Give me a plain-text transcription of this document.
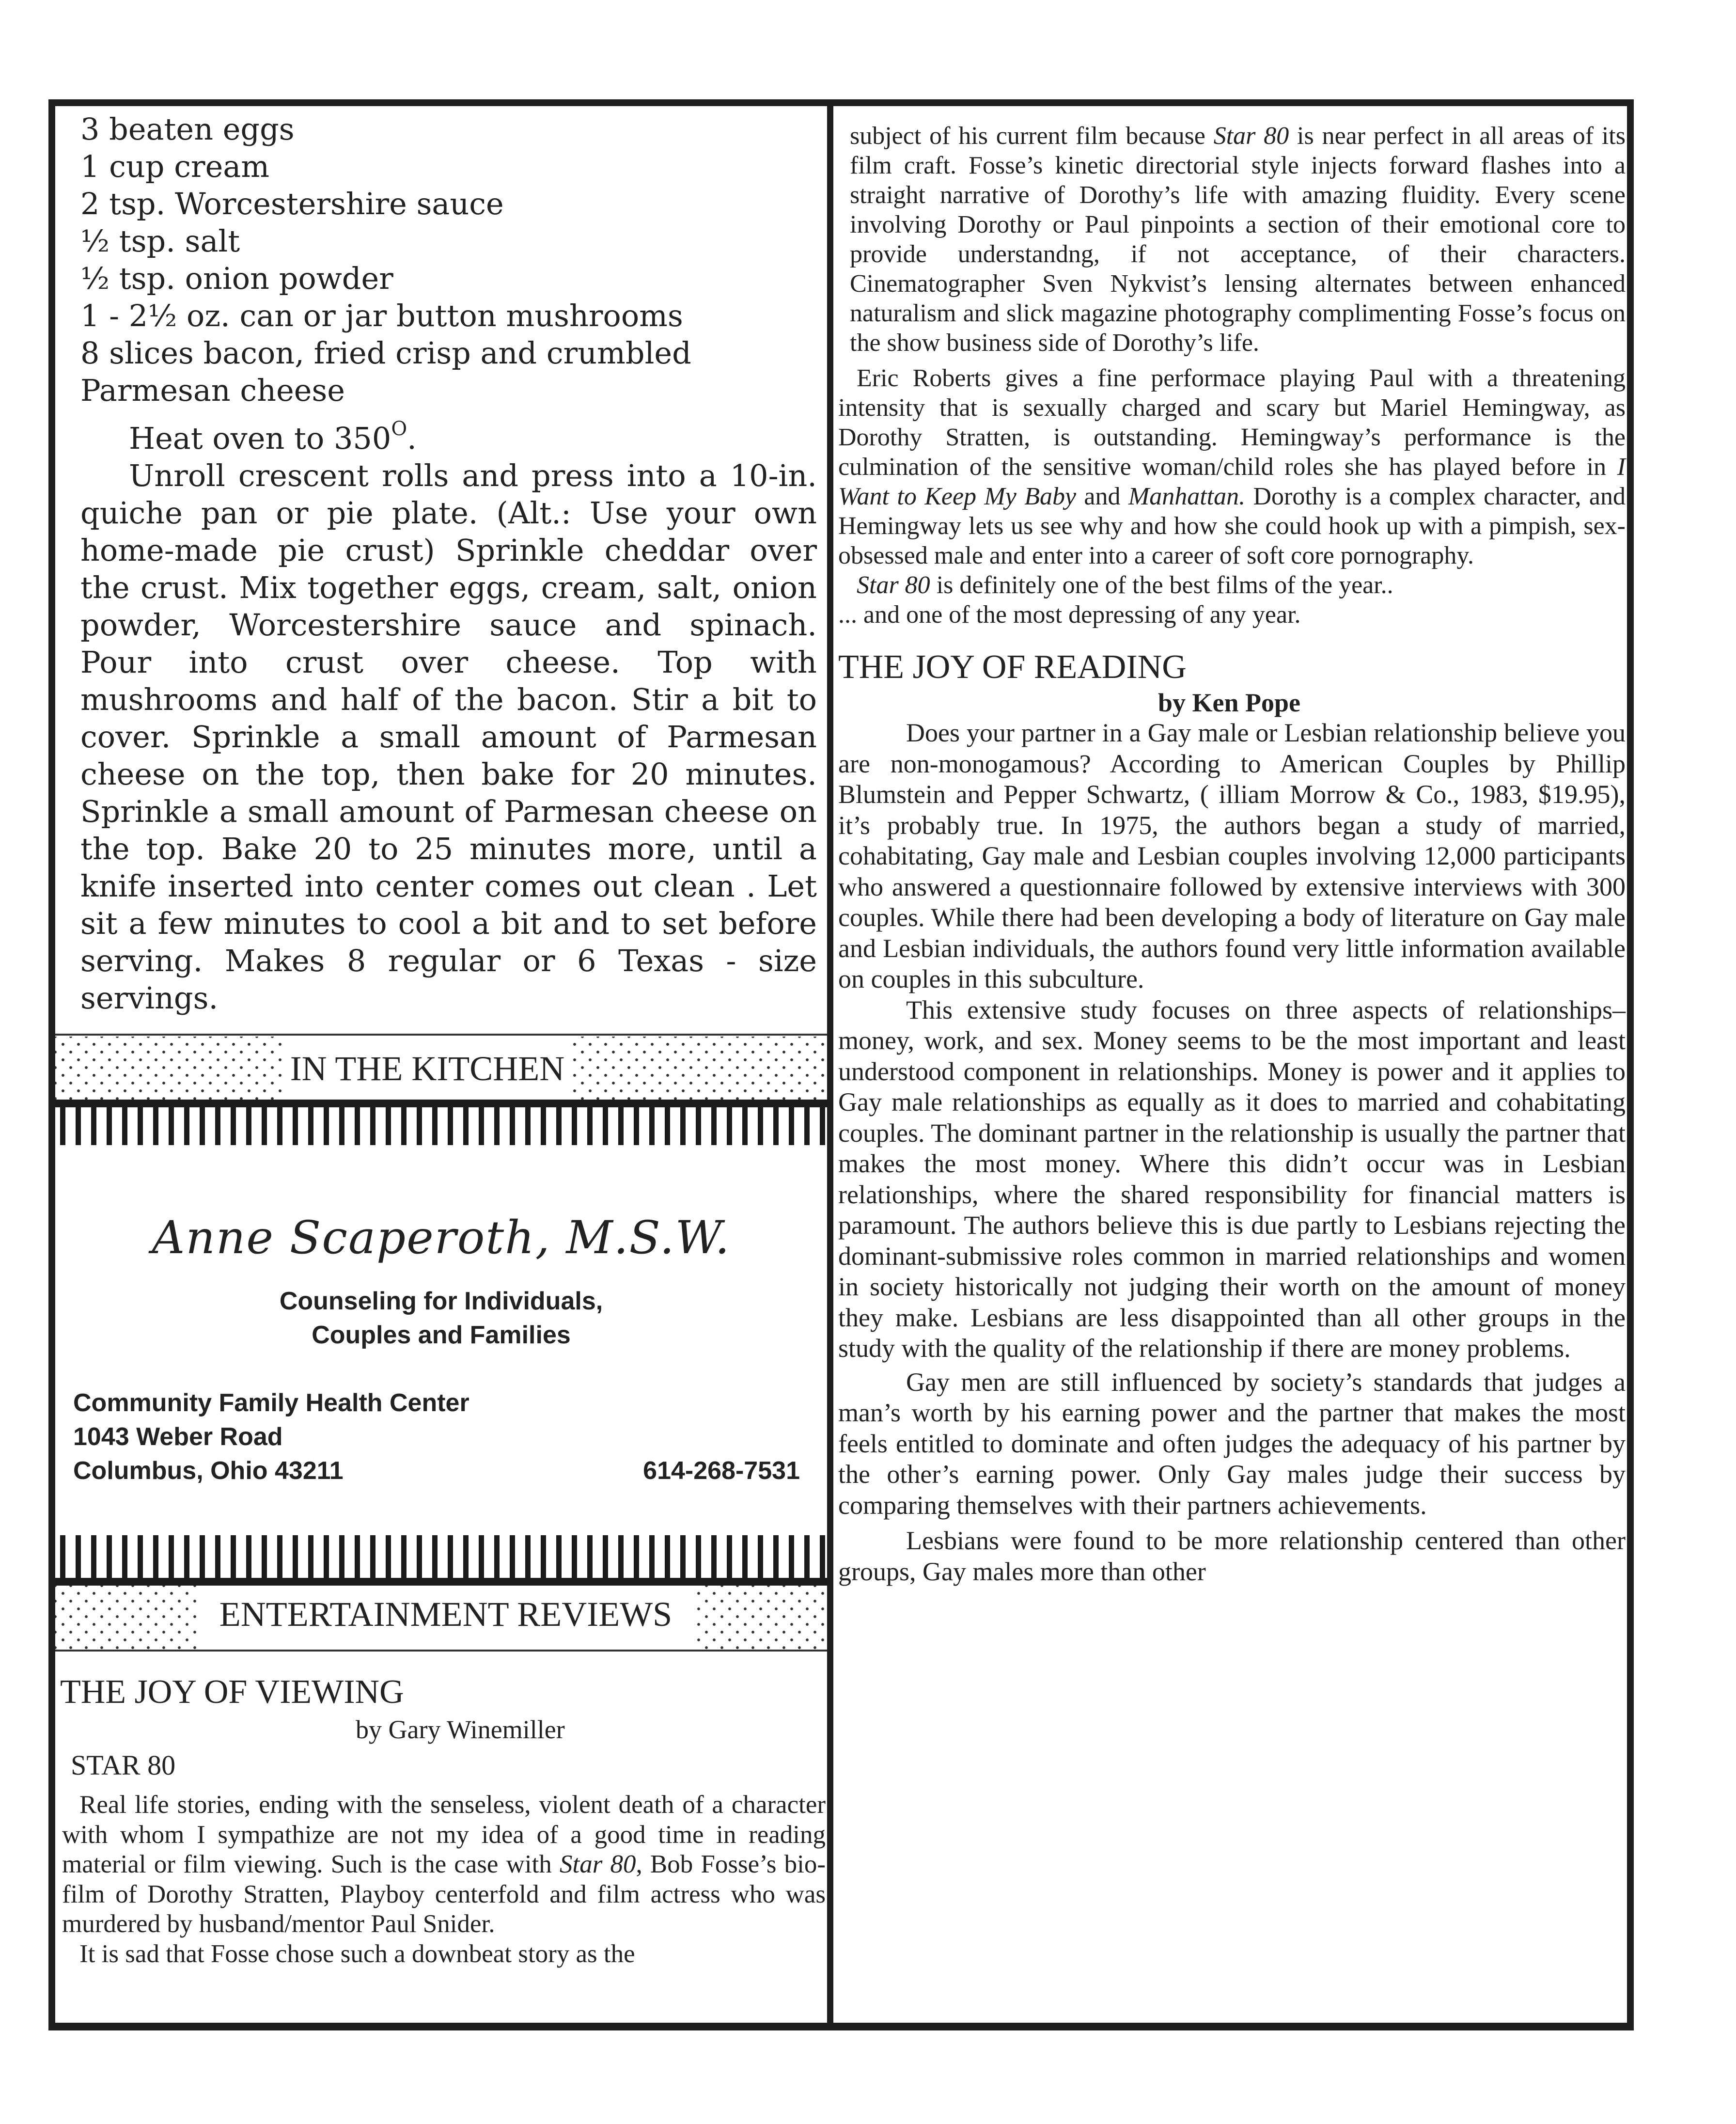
3 beaten eggs
1 cup cream
2 tsp. Worcestershire sauce
½ tsp. salt
½ tsp. onion powder
1 - 2½ oz. can or jar button mushrooms
8 slices bacon, fried crisp and crumbled
Parmesan cheese
Heat oven to $350^O$.
Unroll crescent rolls and press into a 10-in. quiche pan or pie plate. (Alt.: Use your own home-made pie crust) Sprinkle cheddar over the crust. Mix together eggs, cream, salt, onion powder, Worcestershire sauce and spinach. Pour into crust over cheese. Top with mushrooms and half of the bacon. Stir a bit to cover. Sprinkle a small amount of Parmesan cheese on the top, then bake for 20 minutes. Sprinkle a small amount of Parmesan cheese on the top. Bake 20 to 25 minutes more, until a knife inserted into center comes out clean . Let sit a few minutes to cool a bit and to set before serving. Makes 8 regular or 6 Texas - size servings.
IN THE KITCHEN
Anne Scaperoth, M.S.W.
Counseling for Individuals,
Couples and Families
Community Family Health Center
1043 Weber Road
Columbus, Ohio 43211	614-268-7531
ENTERTAINMENT REVIEWS
THE JOY OF VIEWING
by Gary Winemiller
STAR 80

Real life stories, ending with the senseless, violent death of a character with whom I sympathize are not my idea of a good time in reading material or film viewing. Such is the case with Star 80, Bob Fosse’s bio-film of Dorothy Stratten, Playboy centerfold and film actress who was murdered by husband/mentor Paul Snider.

It is sad that Fosse chose such a downbeat story as the

subject of his current film because Star 80 is near perfect in all areas of its film craft. Fosse’s kinetic directorial style injects forward flashes into a straight narrative of Dorothy’s life with amazing fluidity. Every scene involving Dorothy or Paul pinpoints a section of their emotional core to provide understandng, if not acceptance, of their characters. Cinematographer Sven Nykvist’s lensing alternates between enhanced naturalism and slick magazine photography complimenting Fosse’s focus on the show business side of Dorothy’s life.

Eric Roberts gives a fine performace playing Paul with a threatening intensity that is sexually charged and scary but Mariel Hemingway, as Dorothy Stratten, is outstanding. Hemingway’s performance is the culmination of the sensitive woman/child roles she has played before in I Want to Keep My Baby and Manhattan. Dorothy is a complex character, and Hemingway lets us see why and how she could hook up with a pimpish, sex-obsessed male and enter into a career of soft core pornography.

Star 80 is definitely one of the best films of the year..

... and one of the most depressing of any year.

THE JOY OF READING
by Ken Pope

Does your partner in a Gay male or Lesbian relationship believe you are non-monogamous? According to American Couples by Phillip Blumstein and Pepper Schwartz, ( illiam Morrow & Co., 1983, $19.95), it’s probably true. In 1975, the authors began a study of married, cohabitating, Gay male and Lesbian couples involving 12,000 participants who answered a questionnaire followed by extensive interviews with 300 couples. While there had been developing a body of literature on Gay male and Lesbian individuals, the authors found very little information available on couples in this subculture.

This extensive study focuses on three aspects of relationships–money, work, and sex. Money seems to be the most important and least understood component in relationships. Money is power and it applies to Gay male relationships as equally as it does to married and cohabitating couples. The dominant partner in the relationship is usually the partner that makes the most money. Where this didn’t occur was in Lesbian relationships, where the shared responsibility for financial matters is paramount. The authors believe this is due partly to Lesbians rejecting the dominant-submissive roles common in married relationships and women in society historically not judging their worth on the amount of money they make. Lesbians are less disappointed than all other groups in the study with the quality of the relationship if there are money problems.

Gay men are still influenced by society’s standards that judges a man’s worth by his earning power and the partner that makes the most feels entitled to dominate and often judges the adequacy of his partner by the other’s earning power. Only Gay males judge their success by comparing themselves with their partners achievements.

Lesbians were found to be more relationship centered than other groups, Gay males more than other
